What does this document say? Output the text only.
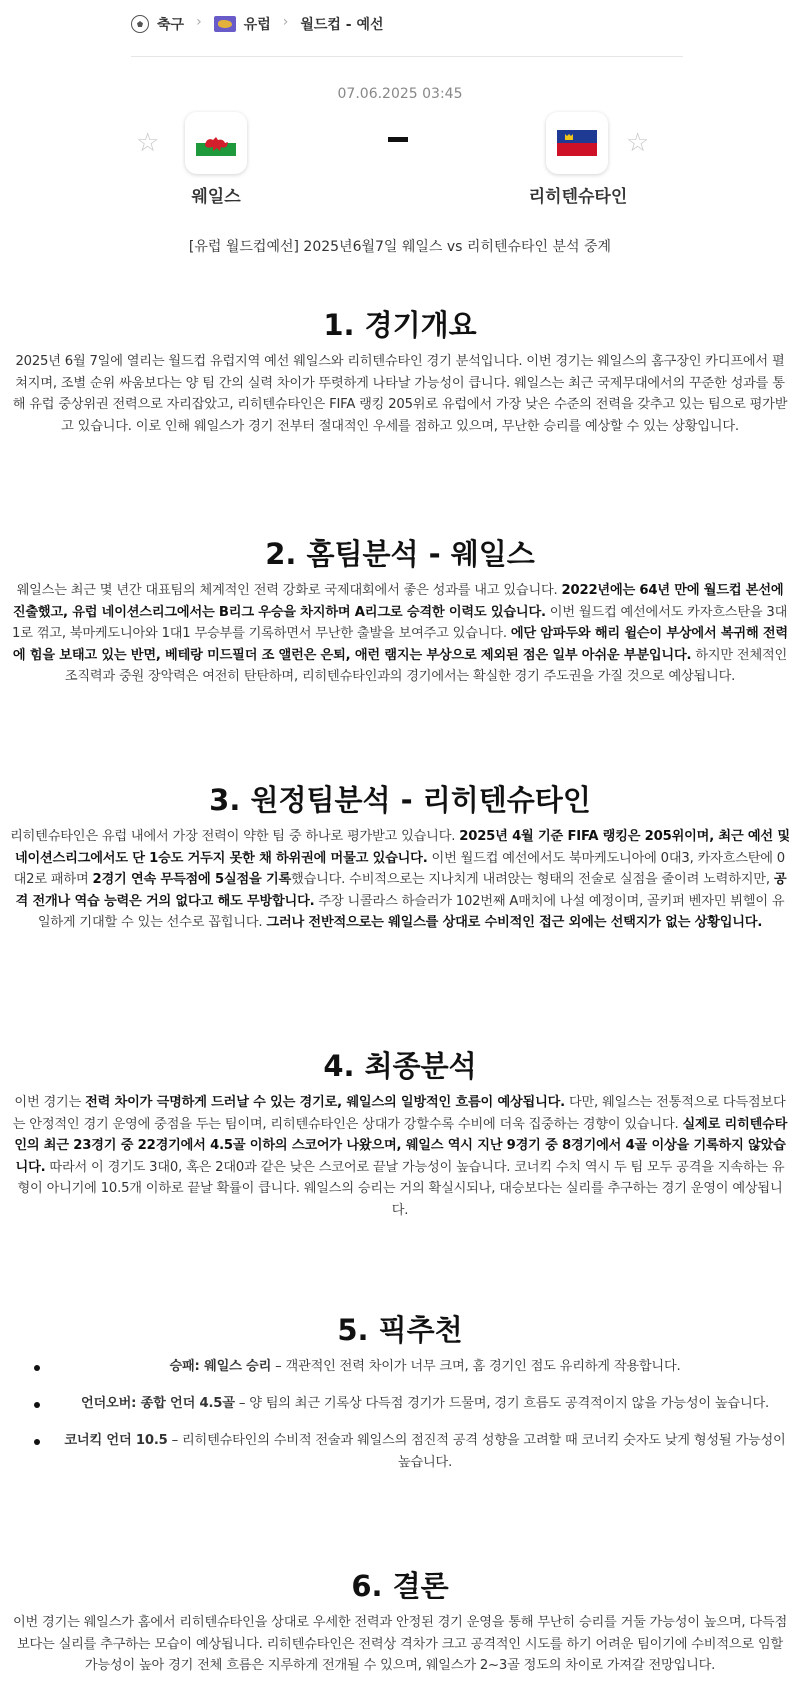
축구 ›	유럽 › 월드컵 - 예선
07.06.2025 03:45
☆	☆
웨일스	리히텐슈타인
[유럽 월드컵예선] 2025년6월7일 웨일스 vs 리히텐슈타인 분석 중계
1. 경기개요

2025년 6월 7일에 열리는 월드컵 유럽지역 예선 웨일스와 리히텐슈타인 경기 분석입니다. 이번 경기는 웨일스의 홈구장인 카디프에서 펼쳐지며, 조별 순위 싸움보다는 양 팀 간의 실력 차이가 뚜렷하게 나타날 가능성이 큽니다. 웨일스는 최근 국제무대에서의 꾸준한 성과를 통해 유럽 중상위권 전력으로 자리잡았고, 리히텐슈타인은 FIFA 랭킹 205위로 유럽에서 가장 낮은 수준의 전력을 갖추고 있는 팀으로 평가받고 있습니다. 이로 인해 웨일스가 경기 전부터 절대적인 우세를 점하고 있으며, 무난한 승리를 예상할 수 있는 상황입니다.

2. 홈팀분석 - 웨일스

웨일스는 최근 몇 년간 대표팀의 체계적인 전력 강화로 국제대회에서 좋은 성과를 내고 있습니다. 2022년에는 64년 만에 월드컵 본선에 진출했고, 유럽 네이션스리그에서는 B리그 우승을 차지하며 A리그로 승격한 이력도 있습니다. 이번 월드컵 예선에서도 카자흐스탄을 3대1로 꺾고, 북마케도니아와 1대1 무승부를 기록하면서 무난한 출발을 보여주고 있습니다. 에단 암파두와 해리 윌슨이 부상에서 복귀해 전력에 힘을 보태고 있는 반면, 베테랑 미드필더 조 앨런은 은퇴, 애런 램지는 부상으로 제외된 점은 일부 아쉬운 부분입니다. 하지만 전체적인 조직력과 중원 장악력은 여전히 탄탄하며, 리히텐슈타인과의 경기에서는 확실한 경기 주도권을 가질 것으로 예상됩니다.

3. 원정팀분석 - 리히텐슈타인

리히텐슈타인은 유럽 내에서 가장 전력이 약한 팀 중 하나로 평가받고 있습니다. 2025년 4월 기준 FIFA 랭킹은 205위이며, 최근 예선 및 네이션스리그에서도 단 1승도 거두지 못한 채 하위권에 머물고 있습니다. 이번 월드컵 예선에서도 북마케도니아에 0대3, 카자흐스탄에 0대2로 패하며 2경기 연속 무득점에 5실점을 기록했습니다. 수비적으로는 지나치게 내려앉는 형태의 전술로 실점을 줄이려 노력하지만, 공격 전개나 역습 능력은 거의 없다고 해도 무방합니다. 주장 니콜라스 하슬러가 102번째 A매치에 나설 예정이며, 골키퍼 벤자민 뷔헬이 유일하게 기대할 수 있는 선수로 꼽힙니다. 그러나 전반적으로는 웨일스를 상대로 수비적인 접근 외에는 선택지가 없는 상황입니다.

4. 최종분석

이번 경기는 전력 차이가 극명하게 드러날 수 있는 경기로, 웨일스의 일방적인 흐름이 예상됩니다. 다만, 웨일스는 전통적으로 다득점보다는 안정적인 경기 운영에 중점을 두는 팀이며, 리히텐슈타인은 상대가 강할수록 수비에 더욱 집중하는 경향이 있습니다. 실제로 리히텐슈타인의 최근 23경기 중 22경기에서 4.5골 이하의 스코어가 나왔으며, 웨일스 역시 지난 9경기 중 8경기에서 4골 이상을 기록하지 않았습니다. 따라서 이 경기도 3대0, 혹은 2대0과 같은 낮은 스코어로 끝날 가능성이 높습니다. 코너킥 수치 역시 두 팀 모두 공격을 지속하는 유형이 아니기에 10.5개 이하로 끝날 확률이 큽니다. 웨일스의 승리는 거의 확실시되나, 대승보다는 실리를 추구하는 경기 운영이 예상됩니다.

5. 픽추천
승패: 웨일스 승리 – 객관적인 전력 차이가 너무 크며, 홈 경기인 점도 유리하게 작용합니다.
언더오버: 종합 언더 4.5골 – 양 팀의 최근 기록상 다득점 경기가 드물며, 경기 흐름도 공격적이지 않을 가능성이 높습니다.
코너킥 언더 10.5 – 리히텐슈타인의 수비적 전술과 웨일스의 점진적 공격 성향을 고려할 때 코너킥 숫자도 낮게 형성될 가능성이 높습니다.
6. 결론

이번 경기는 웨일스가 홈에서 리히텐슈타인을 상대로 우세한 전력과 안정된 경기 운영을 통해 무난히 승리를 거둘 가능성이 높으며, 다득점보다는 실리를 추구하는 모습이 예상됩니다. 리히텐슈타인은 전력상 격차가 크고 공격적인 시도를 하기 어려운 팀이기에 수비적으로 임할 가능성이 높아 경기 전체 흐름은 지루하게 전개될 수 있으며, 웨일스가 2~3골 정도의 차이로 가져갈 전망입니다.
